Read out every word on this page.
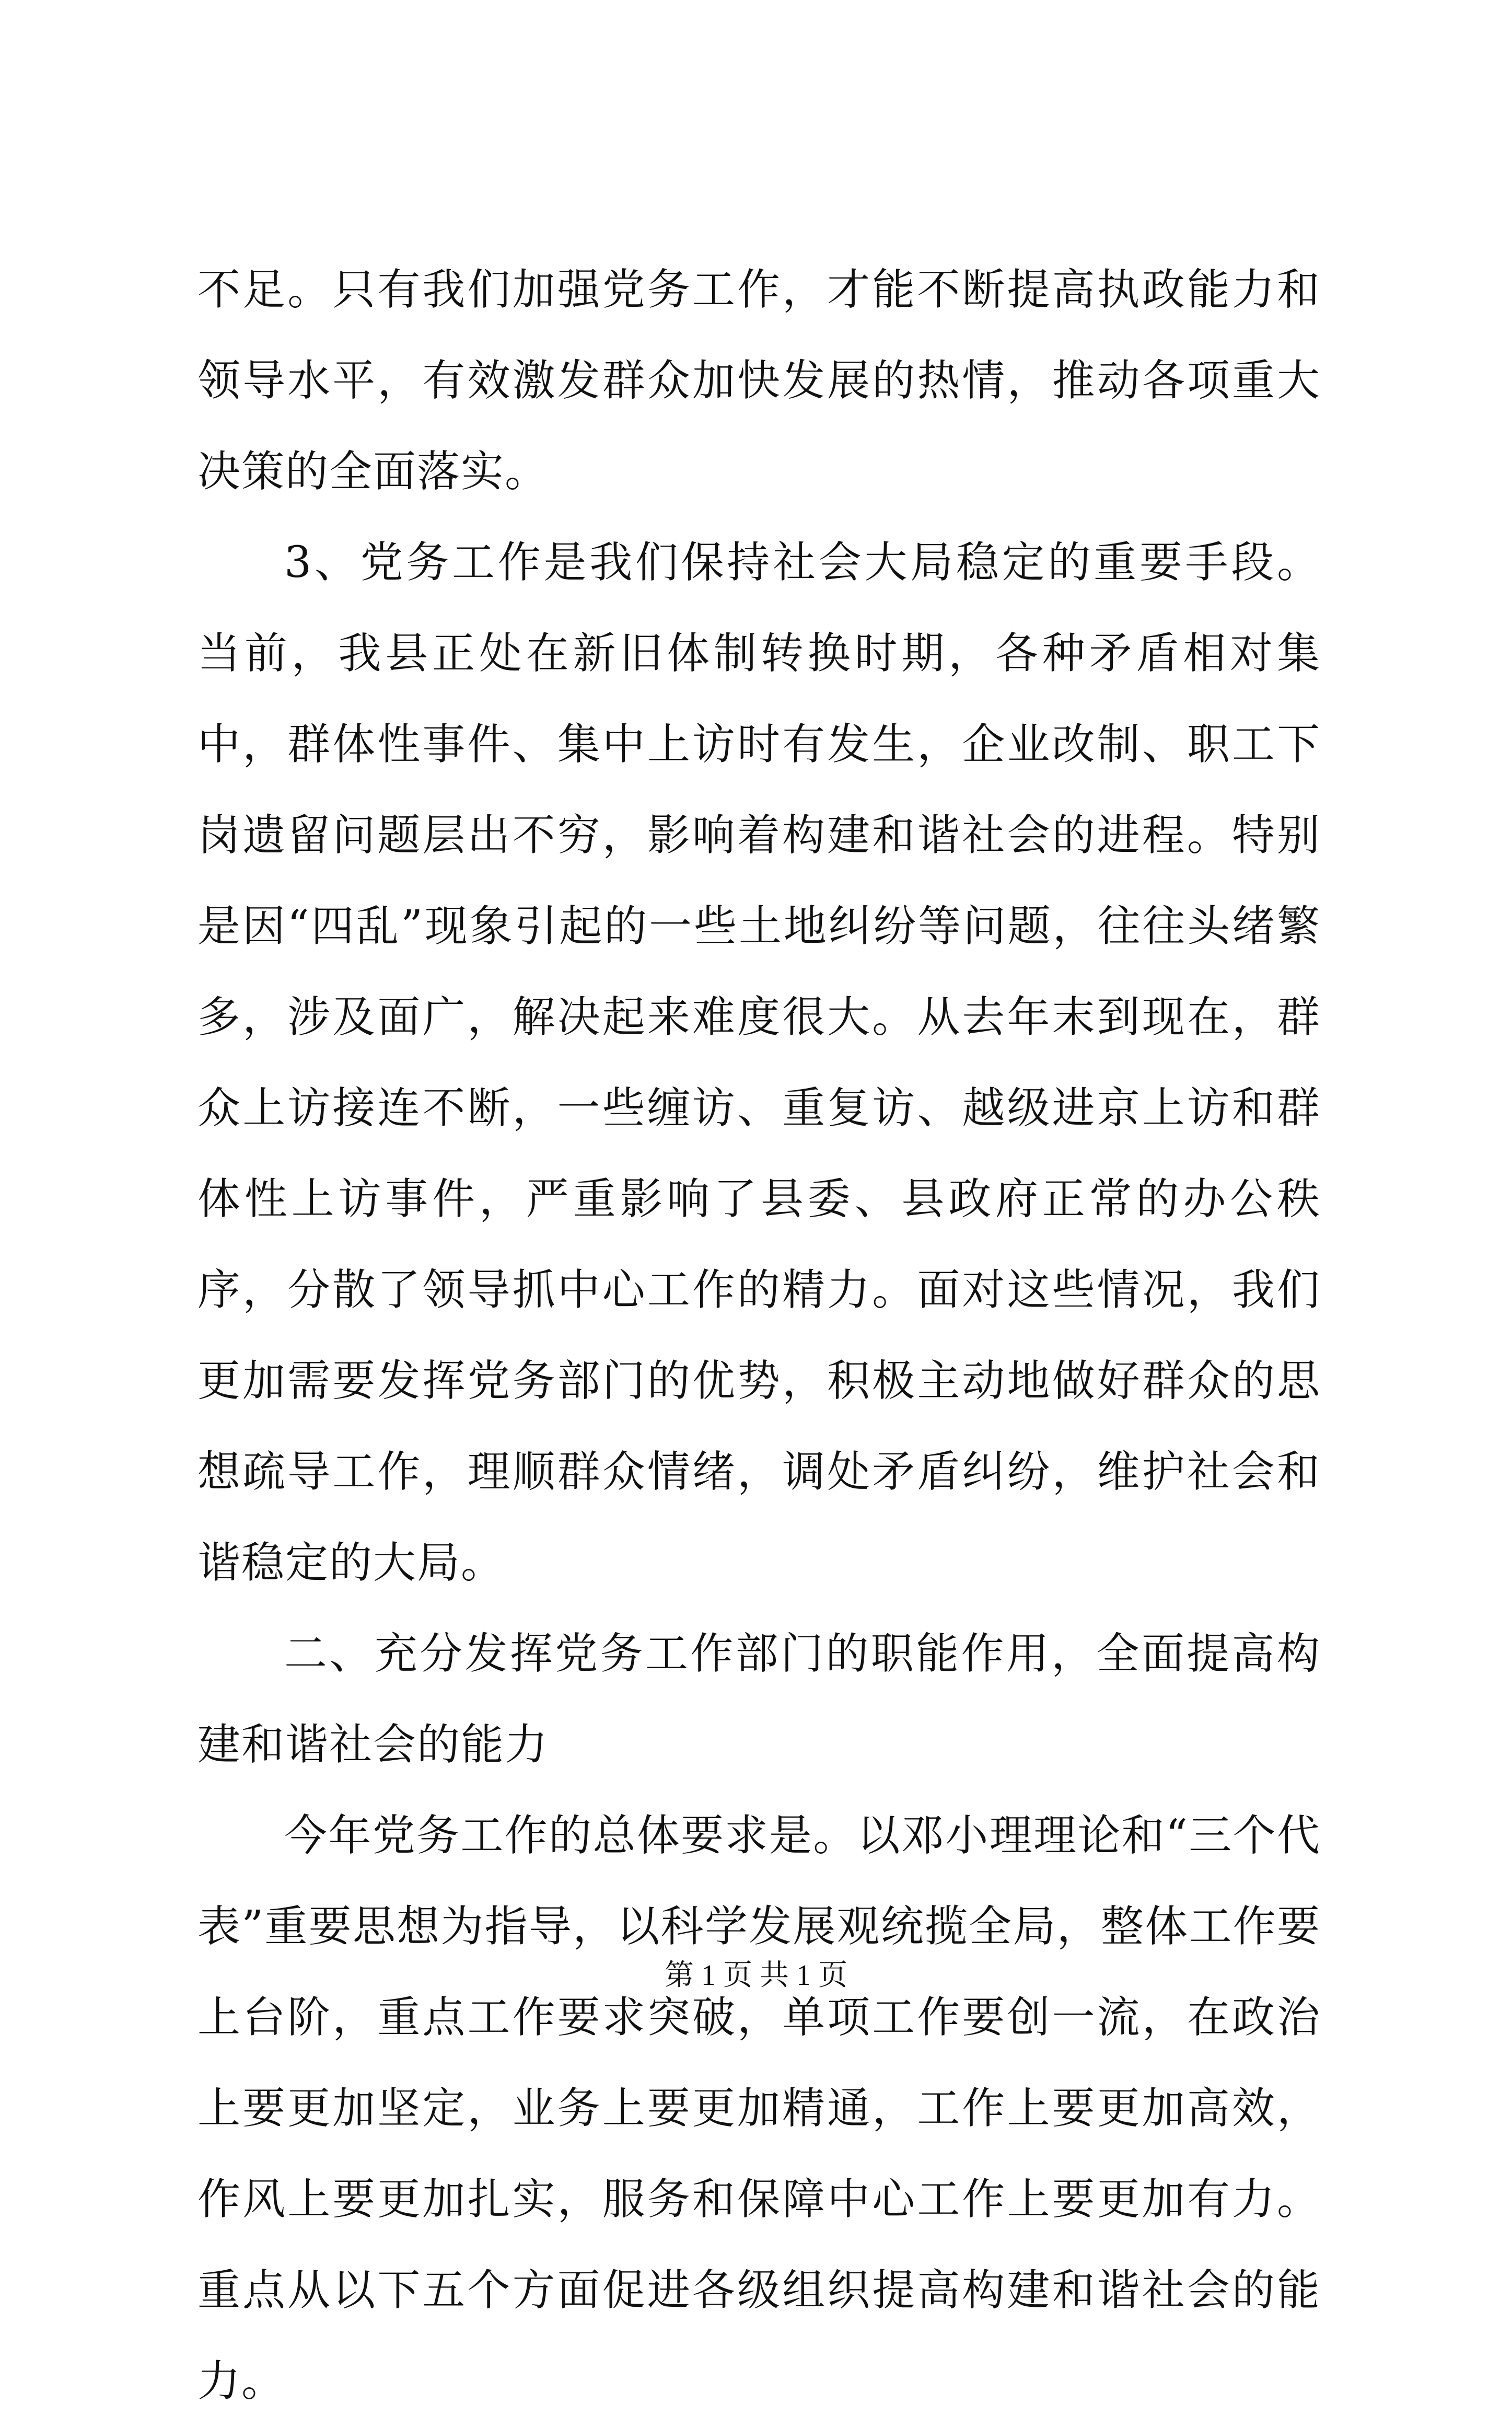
不足。只有我们加强党务工作，才能不断提高执政能力和领导水平，有效激发群众加快发展的热情，推动各项重大决策的全面落实。

3、党务工作是我们保持社会大局稳定的重要手段。当前，我县正处在新旧体制转换时期，各种矛盾相对集中，群体性事件、集中上访时有发生，企业改制、职工下岗遗留问题层出不穷，影响着构建和谐社会的进程。特别是因“四乱”现象引起的一些土地纠纷等问题，往往头绪繁多，涉及面广，解决起来难度很大。从去年末到现在，群众上访接连不断，一些缠访、重复访、越级进京上访和群体性上访事件，严重影响了县委、县政府正常的办公秩序，分散了领导抓中心工作的精力。面对这些情况，我们更加需要发挥党务部门的优势，积极主动地做好群众的思想疏导工作，理顺群众情绪，调处矛盾纠纷，维护社会和谐稳定的大局。

二、充分发挥党务工作部门的职能作用，全面提高构建和谐社会的能力

今年党务工作的总体要求是。以邓小理理论和“三个代表”重要思想为指导，以科学发展观统揽全局，整体工作要上台阶，重点工作要求突破，单项工作要创一流，在政治上要更加坚定，业务上要更加精通，工作上要更加高效，作风上要更加扎实，服务和保障中心工作上要更加有力。重点从以下五个方面促进各级组织提高构建和谐社会的能力。

第 1 页 共 1 页
